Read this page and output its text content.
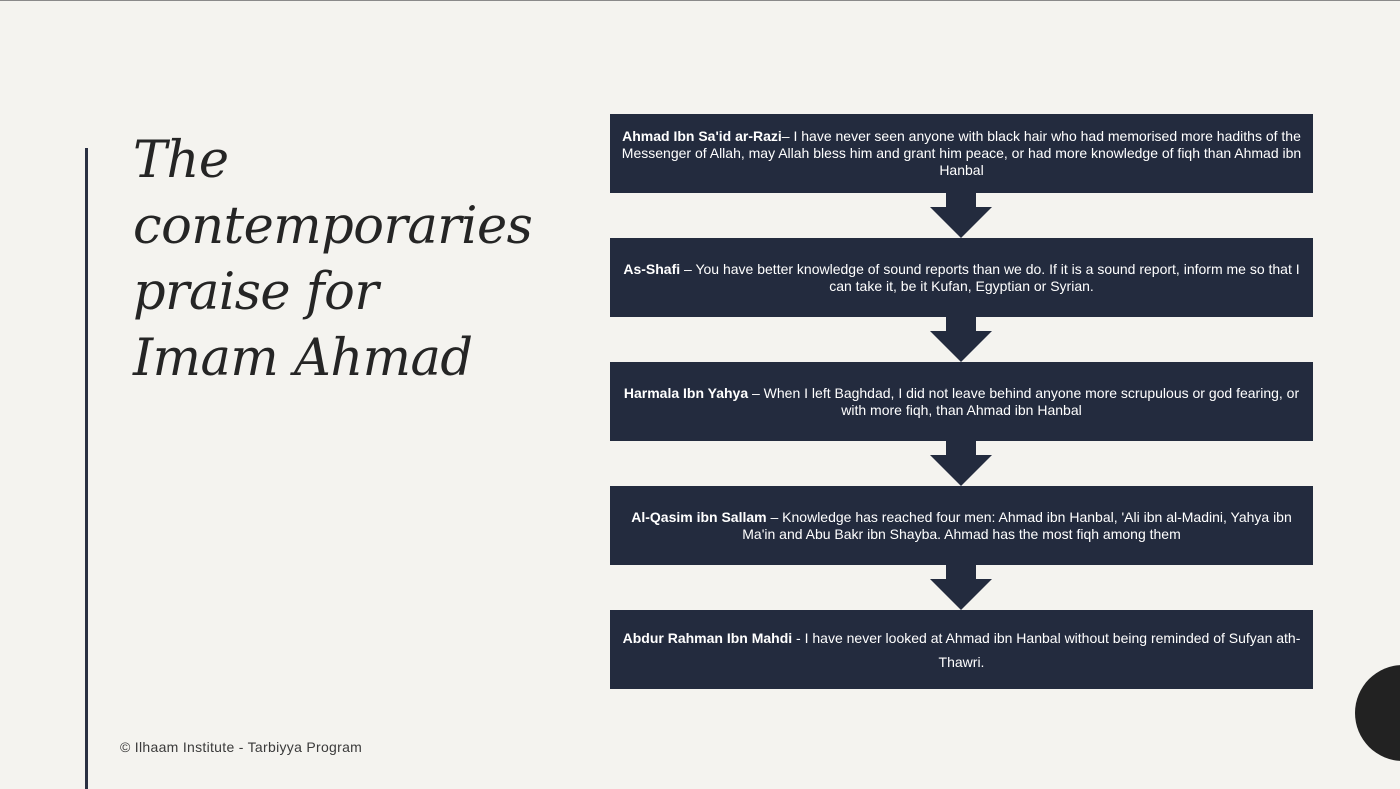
The
contemporaries
praise for
Imam Ahmad

Ahmad Ibn Sa'id ar-Razi– I have never seen anyone with black hair who had memorised more hadiths of the Messenger of Allah, may Allah bless him and grant him peace, or had more knowledge of fiqh than Ahmad ibn Hanbal

As-Shafi – You have better knowledge of sound reports than we do. If it is a sound report, inform me so that I can take it, be it Kufan, Egyptian or Syrian.

Harmala Ibn Yahya – When I left Baghdad, I did not leave behind anyone more scrupulous or god fearing, or with more fiqh, than Ahmad ibn Hanbal

Al-Qasim ibn Sallam – Knowledge has reached four men: Ahmad ibn Hanbal, 'Ali ibn al-Madini, Yahya ibn Ma'in and Abu Bakr ibn Shayba. Ahmad has the most fiqh among them

Abdur Rahman Ibn Mahdi - I have never looked at Ahmad ibn Hanbal without being reminded of Sufyan ath-Thawri.

© Ilhaam Institute - Tarbiyya Program
